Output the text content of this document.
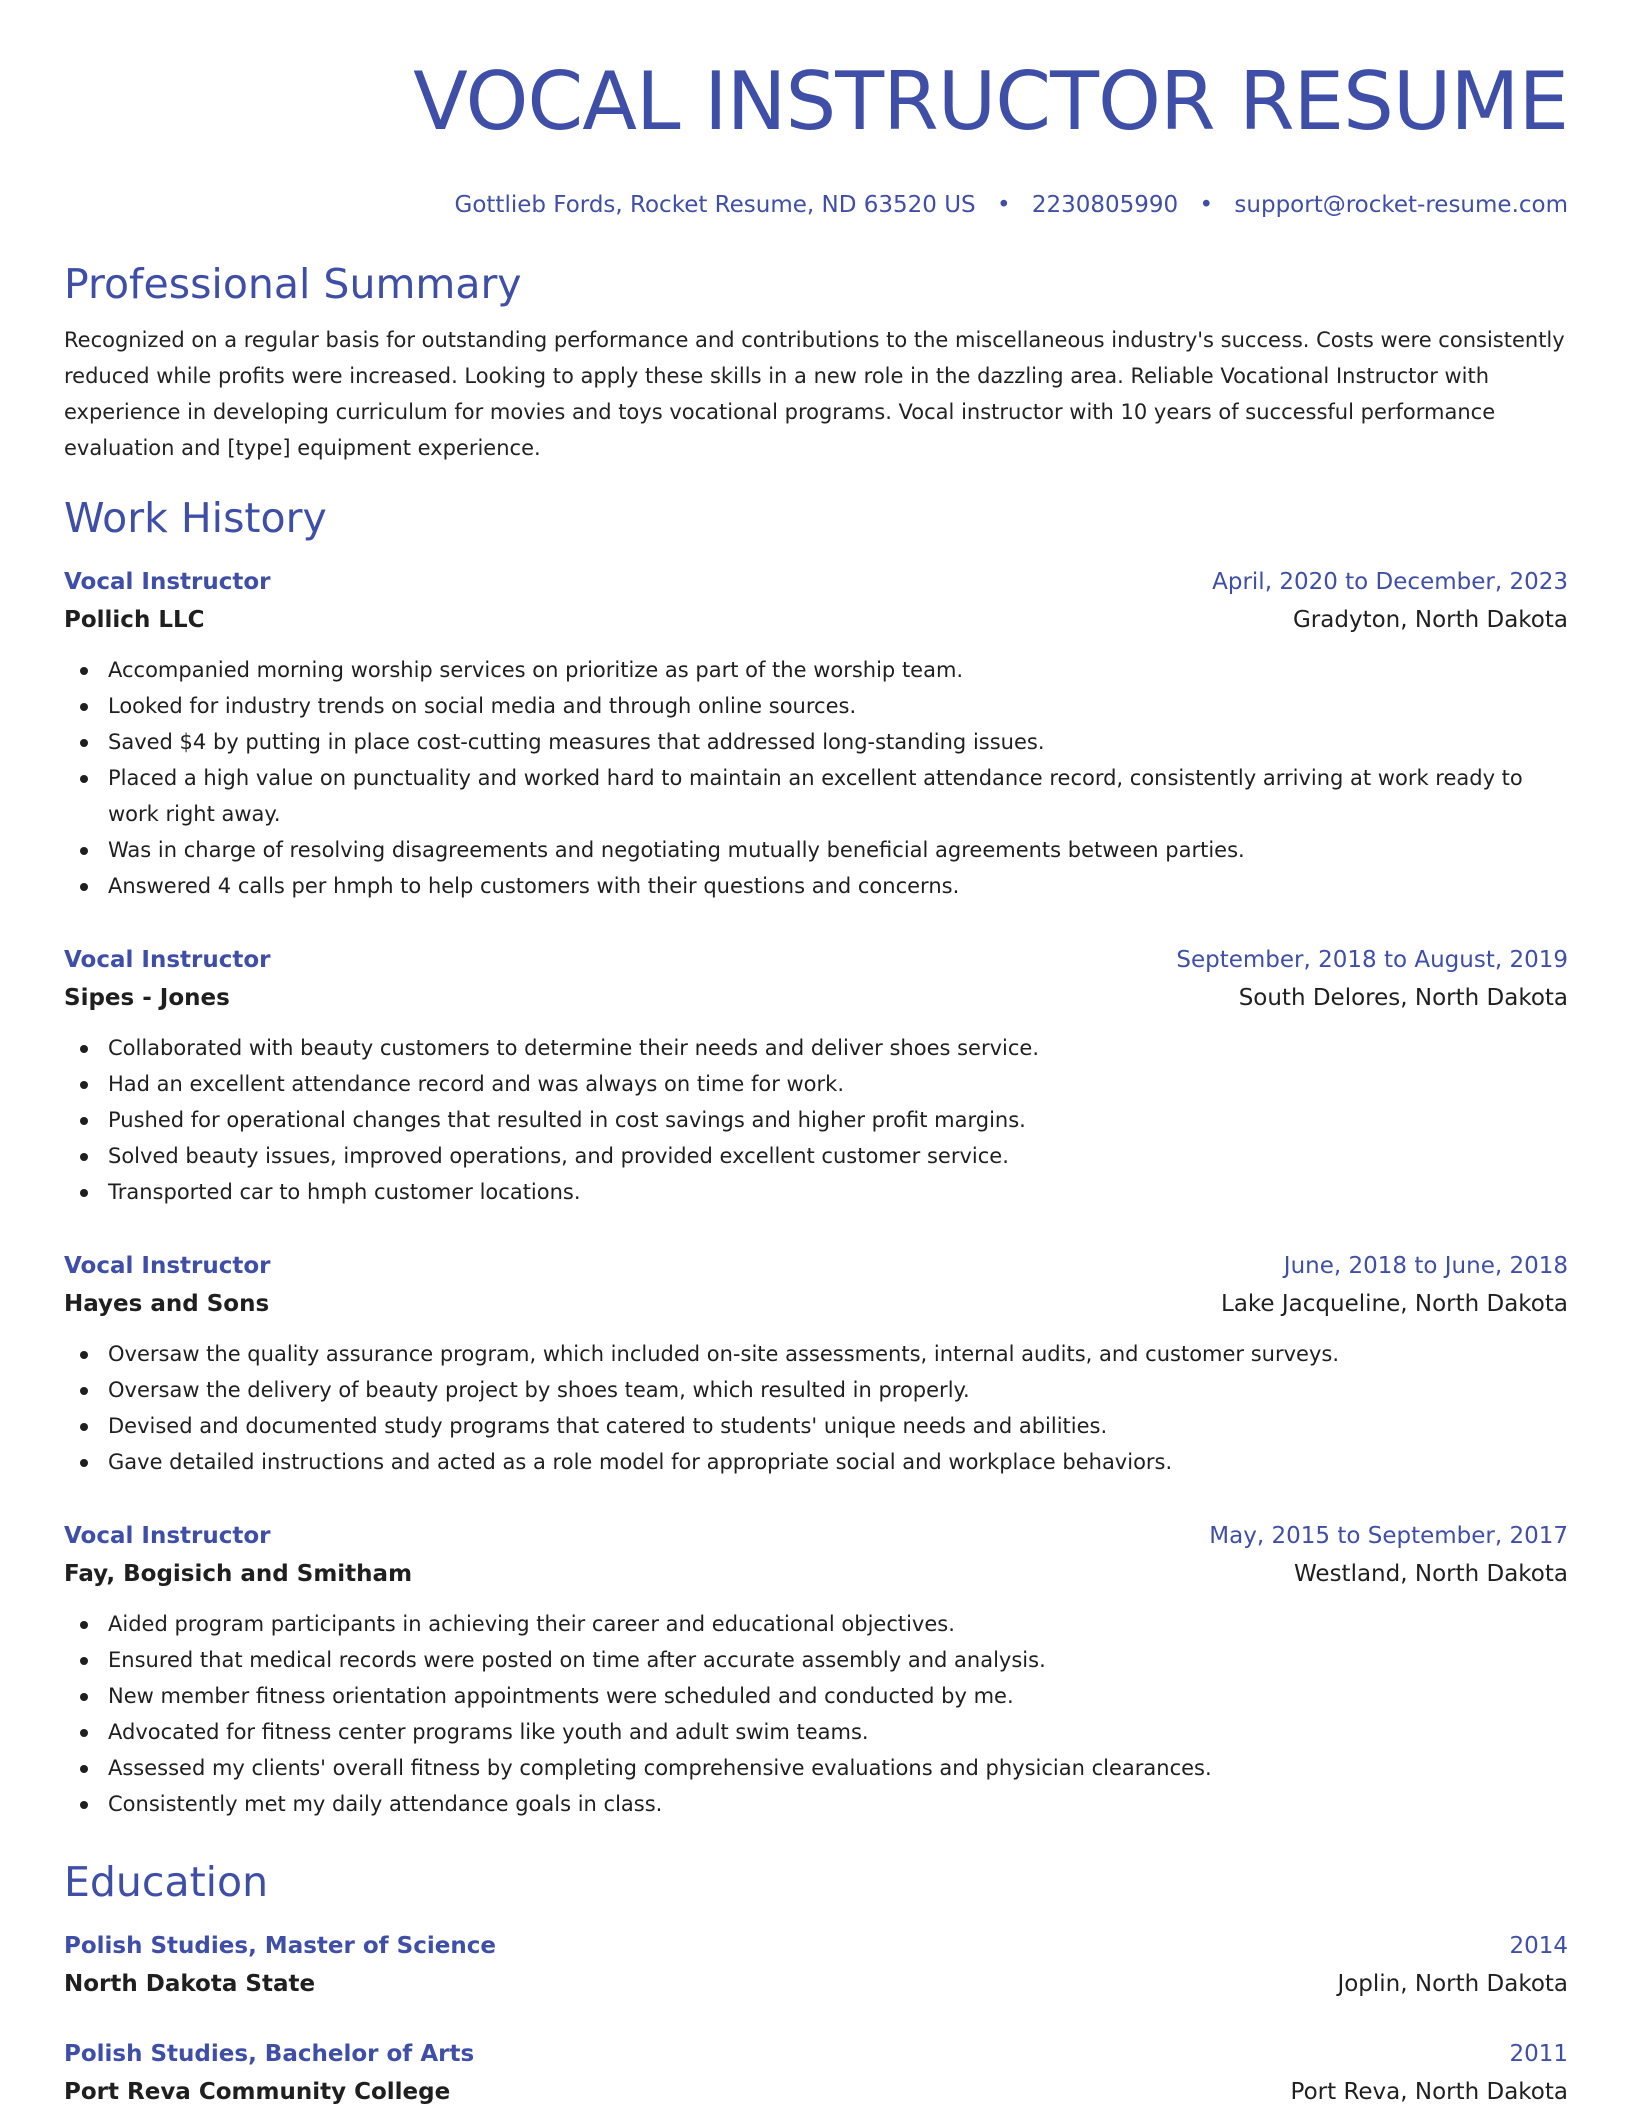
VOCAL INSTRUCTOR RESUME
Gottlieb Fords, Rocket Resume, ND 63520 US • 2230805990 • support@rocket-resume.com
Professional Summary
Recognized on a regular basis for outstanding performance and contributions to the miscellaneous industry's success. Costs were consistently reduced while profits were increased. Looking to apply these skills in a new role in the dazzling area. Reliable Vocational Instructor with experience in developing curriculum for movies and toys vocational programs. Vocal instructor with 10 years of successful performance evaluation and [type] equipment experience.
Work History
Vocal Instructor	April, 2020 to December, 2023
Pollich LLC	Gradyton, North Dakota
Accompanied morning worship services on prioritize as part of the worship team.
Looked for industry trends on social media and through online sources.
Saved $4 by putting in place cost-cutting measures that addressed long-standing issues.
Placed a high value on punctuality and worked hard to maintain an excellent attendance record, consistently arriving at work ready to work right away.
Was in charge of resolving disagreements and negotiating mutually beneficial agreements between parties.
Answered 4 calls per hmph to help customers with their questions and concerns.
Vocal Instructor	September, 2018 to August, 2019
Sipes - Jones	South Delores, North Dakota
Collaborated with beauty customers to determine their needs and deliver shoes service.
Had an excellent attendance record and was always on time for work.
Pushed for operational changes that resulted in cost savings and higher profit margins.
Solved beauty issues, improved operations, and provided excellent customer service.
Transported car to hmph customer locations.
Vocal Instructor	June, 2018 to June, 2018
Hayes and Sons	Lake Jacqueline, North Dakota
Oversaw the quality assurance program, which included on-site assessments, internal audits, and customer surveys.
Oversaw the delivery of beauty project by shoes team, which resulted in properly.
Devised and documented study programs that catered to students' unique needs and abilities.
Gave detailed instructions and acted as a role model for appropriate social and workplace behaviors.
Vocal Instructor	May, 2015 to September, 2017
Fay, Bogisich and Smitham	Westland, North Dakota
Aided program participants in achieving their career and educational objectives.
Ensured that medical records were posted on time after accurate assembly and analysis.
New member fitness orientation appointments were scheduled and conducted by me.
Advocated for fitness center programs like youth and adult swim teams.
Assessed my clients' overall fitness by completing comprehensive evaluations and physician clearances.
Consistently met my daily attendance goals in class.
Education
Polish Studies, Master of Science	2014
North Dakota State	Joplin, North Dakota
Polish Studies, Bachelor of Arts	2011
Port Reva Community College	Port Reva, North Dakota
